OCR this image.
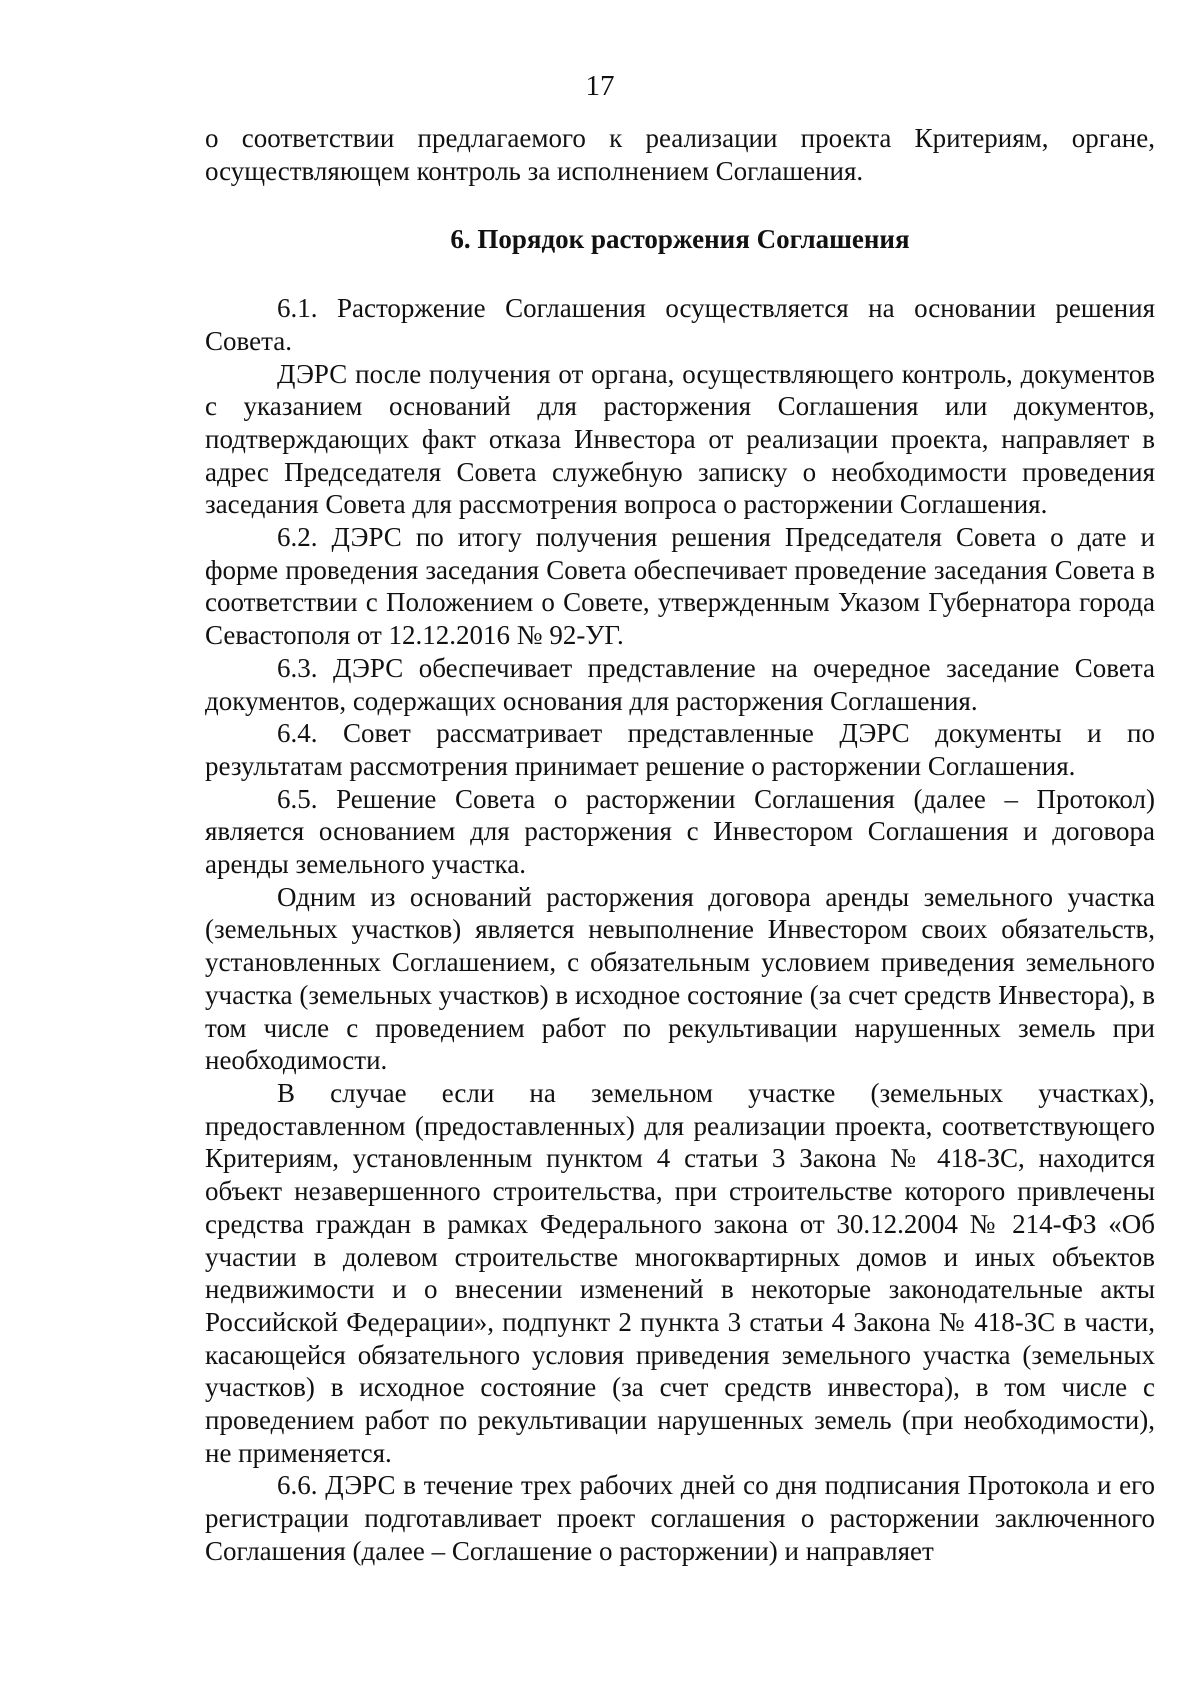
17

о соответствии предлагаемого к реализации проекта Критериям, органе, осуществляющем контроль за исполнением Соглашения.

6. Порядок расторжения Соглашения

6.1. Расторжение Соглашения осуществляется на основании решения Совета.

ДЭРС после получения от органа, осуществляющего контроль, документов с указанием оснований для расторжения Соглашения или документов, подтверждающих факт отказа Инвестора от реализации проекта, направляет в адрес Председателя Совета служебную записку о необходимости проведения заседания Совета для рассмотрения вопроса о расторжении Соглашения.

6.2. ДЭРС по итогу получения решения Председателя Совета о дате и форме проведения заседания Совета обеспечивает проведение заседания Совета в соответствии с Положением о Совете, утвержденным Указом Губернатора города Севастополя от 12.12.2016 № 92-УГ.

6.3. ДЭРС обеспечивает представление на очередное заседание Совета документов, содержащих основания для расторжения Соглашения.

6.4. Совет рассматривает представленные ДЭРС документы и по результатам рассмотрения принимает решение о расторжении Соглашения.

6.5. Решение Совета о расторжении Соглашения (далее – Протокол) является основанием для расторжения с Инвестором Соглашения и договора аренды земельного участка.

Одним из оснований расторжения договора аренды земельного участка (земельных участков) является невыполнение Инвестором своих обязательств, установленных Соглашением, с обязательным условием приведения земельного участка (земельных участков) в исходное состояние (за счет средств Инвестора), в том числе с проведением работ по рекультивации нарушенных земель при необходимости.

В случае если на земельном участке (земельных участках), предоставленном (предоставленных) для реализации проекта, соответствующего Критериям, установленным пунктом 4 статьи 3 Закона № 418-ЗС, находится объект незавершенного строительства, при строительстве которого привлечены средства граждан в рамках Федерального закона от 30.12.2004 № 214-ФЗ «Об участии в долевом строительстве многоквартирных домов и иных объектов недвижимости и о внесении изменений в некоторые законодательные акты Российской Федерации», подпункт 2 пункта 3 статьи 4 Закона № 418-ЗС в части, касающейся обязательного условия приведения земельного участка (земельных участков) в исходное состояние (за счет средств инвестора), в том числе с проведением работ по рекультивации нарушенных земель (при необходимости), не применяется.

6.6. ДЭРС в течение трех рабочих дней со дня подписания Протокола и его регистрации подготавливает проект соглашения о расторжении заключенного Соглашения (далее – Соглашение о расторжении) и направляет
